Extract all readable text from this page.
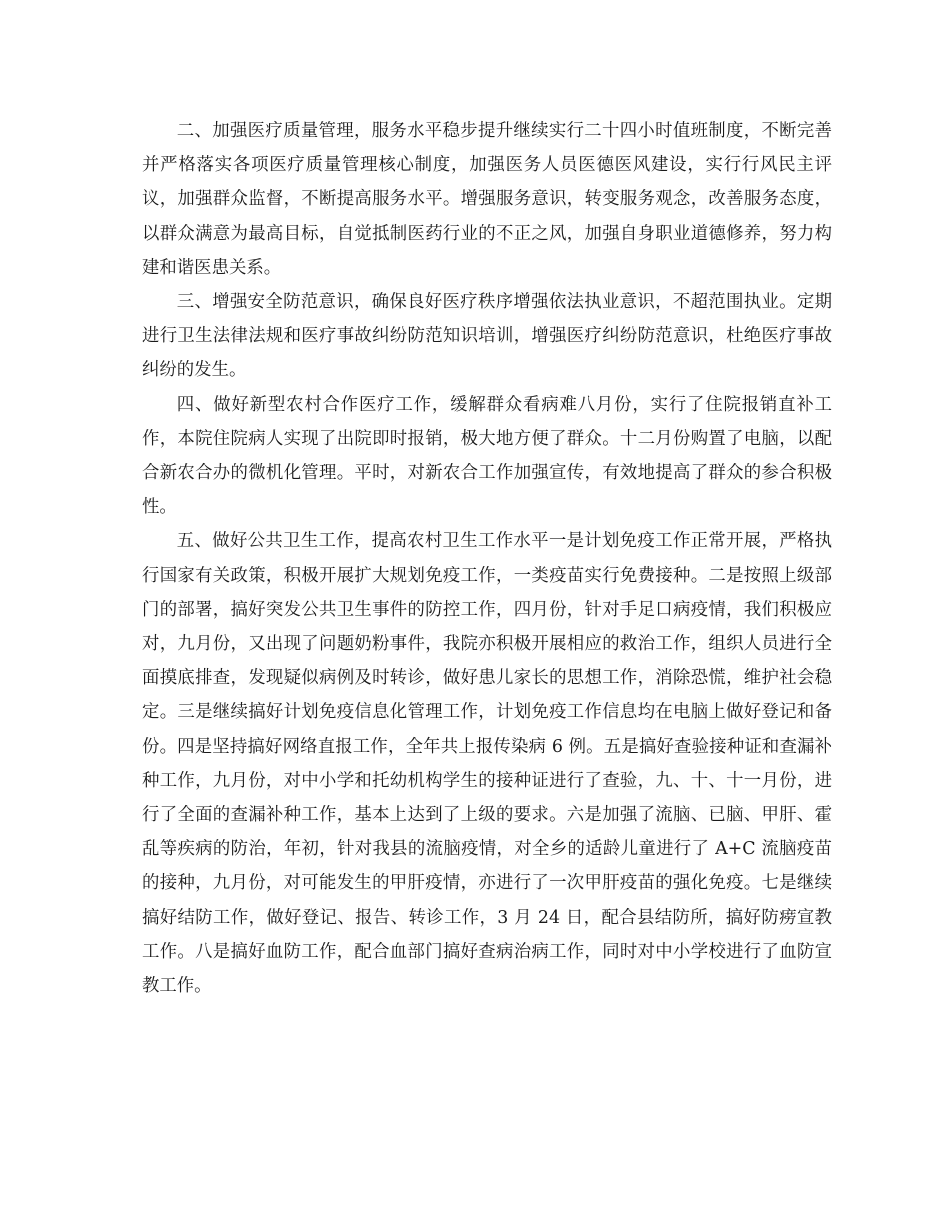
二、加强医疗质量管理，服务水平稳步提升继续实行二十四小时值班制度，不断完善并严格落实各项医疗质量管理核心制度，加强医务人员医德医风建设，实行行风民主评议，加强群众监督，不断提高服务水平。增强服务意识，转变服务观念，改善服务态度，以群众满意为最高目标，自觉抵制医药行业的不正之风，加强自身职业道德修养，努力构建和谐医患关系。

三、增强安全防范意识，确保良好医疗秩序增强依法执业意识，不超范围执业。定期进行卫生法律法规和医疗事故纠纷防范知识培训，增强医疗纠纷防范意识，杜绝医疗事故纠纷的发生。

四、做好新型农村合作医疗工作，缓解群众看病难八月份，实行了住院报销直补工作，本院住院病人实现了出院即时报销，极大地方便了群众。十二月份购置了电脑，以配合新农合办的微机化管理。平时，对新农合工作加强宣传，有效地提高了群众的参合积极性。

五、做好公共卫生工作，提高农村卫生工作水平一是计划免疫工作正常开展，严格执行国家有关政策，积极开展扩大规划免疫工作，一类疫苗实行免费接种。二是按照上级部门的部署，搞好突发公共卫生事件的防控工作，四月份，针对手足口病疫情，我们积极应对，九月份，又出现了问题奶粉事件，我院亦积极开展相应的救治工作，组织人员进行全面摸底排查，发现疑似病例及时转诊，做好患儿家长的思想工作，消除恐慌，维护社会稳定。三是继续搞好计划免疫信息化管理工作，计划免疫工作信息均在电脑上做好登记和备份。四是坚持搞好网络直报工作，全年共上报传染病 6 例。五是搞好查验接种证和查漏补种工作，九月份，对中小学和托幼机构学生的接种证进行了查验，九、十、十一月份，进行了全面的查漏补种工作，基本上达到了上级的要求。六是加强了流脑、已脑、甲肝、霍乱等疾病的防治，年初，针对我县的流脑疫情，对全乡的适龄儿童进行了 A+C 流脑疫苗的接种，九月份，对可能发生的甲肝疫情，亦进行了一次甲肝疫苗的强化免疫。七是继续搞好结防工作，做好登记、报告、转诊工作，3 月 24 日，配合县结防所，搞好防痨宣教工作。八是搞好血防工作，配合血部门搞好查病治病工作，同时对中小学校进行了血防宣教工作。
